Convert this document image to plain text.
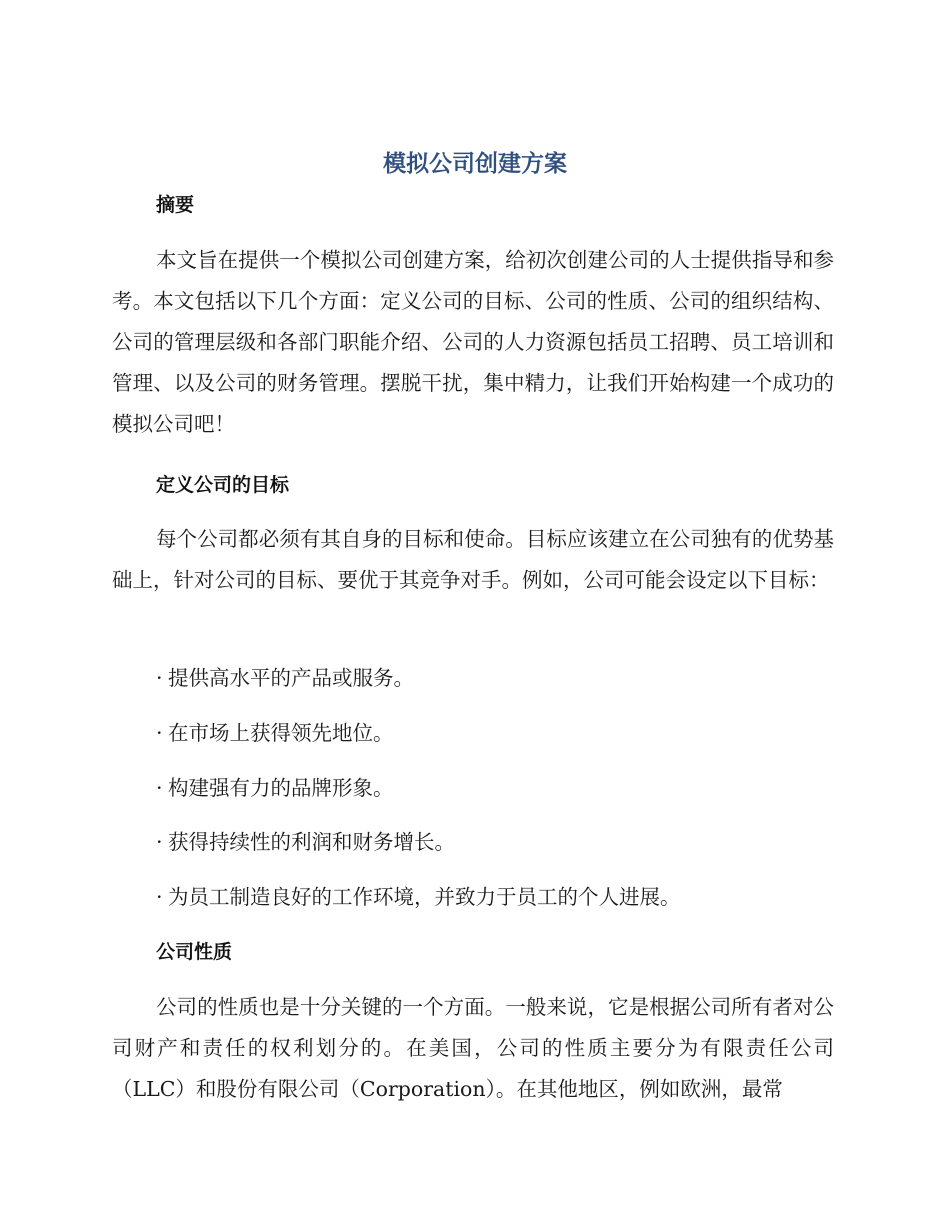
模拟公司创建方案
摘要

本文旨在提供一个模拟公司创建方案，给初次创建公司的人士提供指导和参考。本文包括以下几个方面：定义公司的目标、公司的性质、公司的组织结构、公司的管理层级和各部门职能介绍、公司的人力资源包括员工招聘、员工培训和管理、以及公司的财务管理。摆脱干扰，集中精力，让我们开始构建一个成功的模拟公司吧！

定义公司的目标

每个公司都必须有其自身的目标和使命。目标应该建立在公司独有的优势基础上，针对公司的目标、要优于其竞争对手。例如，公司可能会设定以下目标：

· 提供高水平的产品或服务。
· 在市场上获得领先地位。
· 构建强有力的品牌形象。
· 获得持续性的利润和财务增长。
· 为员工制造良好的工作环境，并致力于员工的个人进展。
公司性质

公司的性质也是十分关键的一个方面。一般来说，它是根据公司所有者对公司财产和责任的权利划分的。在美国，公司的性质主要分为有限责任公司（LLC）和股份有限公司（Corporation）。在其他地区，例如欧洲，最常
